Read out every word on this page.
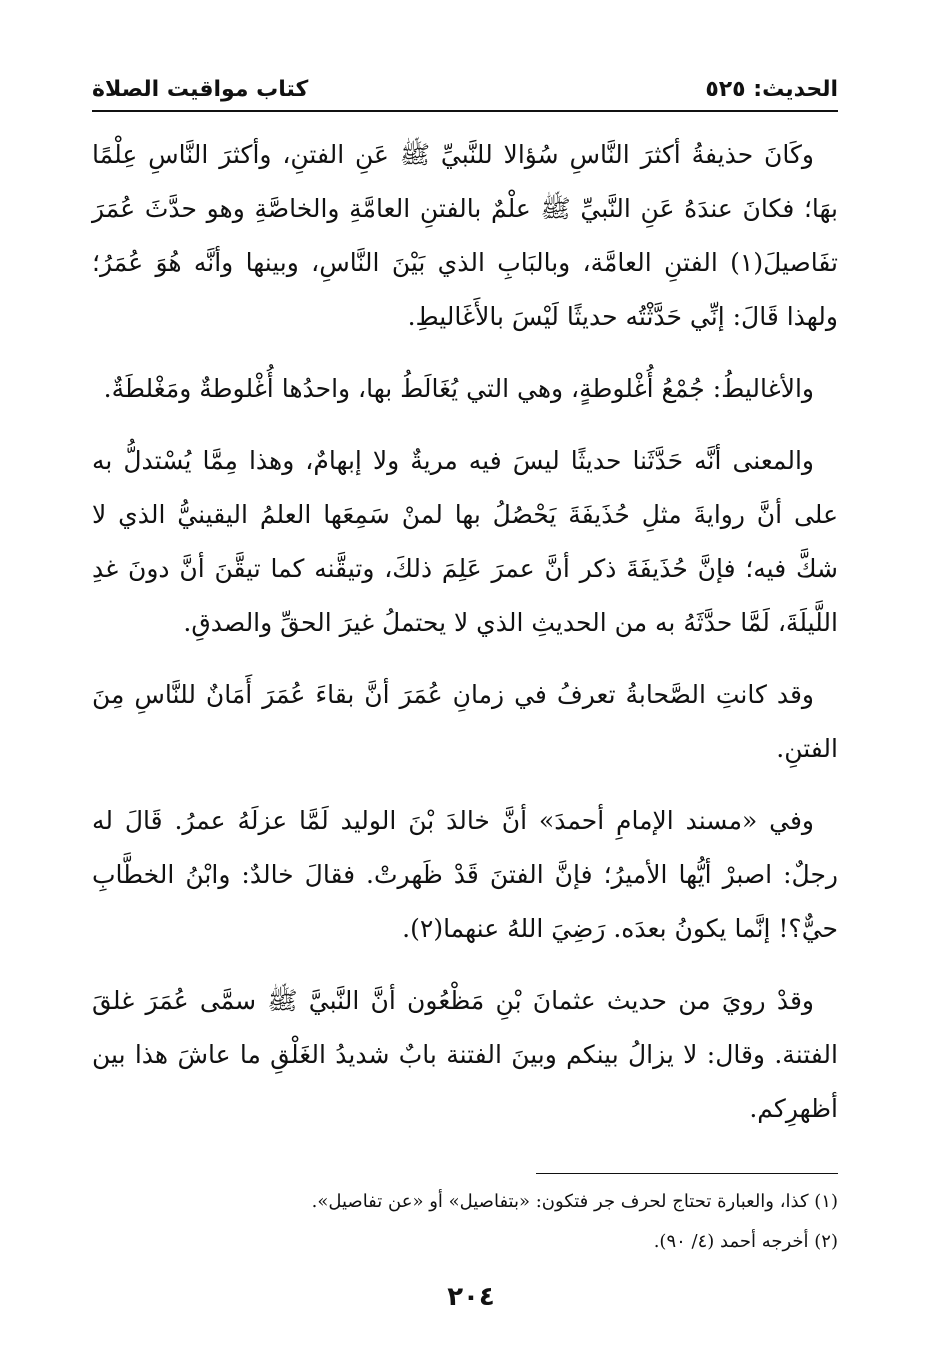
الحديث: ٥٢٥
كتاب مواقيت الصلاة

وكَانَ حذيفةُ أكثرَ النَّاسِ سُؤالا للنَّبيِّ ﷺ عَنِ الفتنِ، وأكثرَ النَّاسِ عِلْمًا بهَا؛ فكانَ عندَهُ عَنِ النَّبيِّ ﷺ علْمٌ بالفتنِ العامَّةِ والخاصَّةِ وهو حدَّثَ عُمَرَ تفَاصيلَ(١) الفتنِ العامَّة، وبالبَابِ الذي بَيْنَ النَّاسِ، وبينها وأنَّه هُوَ عُمَرُ؛ ولهذا قَالَ: إنِّي حَدَّثْتُه حديثًا لَيْسَ بالأَغَاليطِ.

والأغاليطُ: جُمْعُ أُغْلوطةٍ، وهي التي يُغَالَطُ بها، واحدُها أُغْلوطةٌ ومَغْلطَةٌ.

والمعنى أنَّه حَدَّثَنا حديثًا ليسَ فيه مريةٌ ولا إبهامٌ، وهذا مِمَّا يُسْتدلُّ به على أنَّ روايةَ مثلِ حُذَيفَةَ يَحْصُلُ بها لمنْ سَمِعَها العلمُ اليقينيُّ الذي لا شكَّ فيه؛ فإنَّ حُذَيفَةَ ذكر أنَّ عمرَ عَلِمَ ذلكَ، وتيقَّنه كما تيقَّنَ أنَّ دونَ غدِ اللَّيلَةَ، لَمَّا حدَّثَهُ به من الحديثِ الذي لا يحتملُ غيرَ الحقِّ والصدقِ.

وقد كانتِ الصَّحابةُ تعرفُ في زمانِ عُمَرَ أنَّ بقاءَ عُمَرَ أَمَانٌ للنَّاسِ مِنَ الفتنِ.

وفي «مسند الإمامِ أحمدَ» أنَّ خالدَ بْنَ الوليد لَمَّا عزلَهُ عمرُ. قَالَ له رجلٌ: اصبرْ أيُّها الأميرُ؛ فإنَّ الفتنَ قَدْ ظَهرتْ. فقالَ خالدٌ: وابْنُ الخطَّابِ حيٌّ؟! إنَّما يكونُ بعدَه. رَضِيَ اللهُ عنهما(٢).

وقدْ رويَ من حديث عثمانَ بْنِ مَظْعُون أنَّ النَّبيَّ ﷺ سمَّى عُمَرَ غلقَ الفتنة. وقال: لا يزالُ بينكم وبينَ الفتنة بابٌ شديدُ الغَلْقِ ما عاشَ هذا بين أظهرِكم.

(١) كذا، والعبارة تحتاج لحرف جر فتكون: «بتفاصيل» أو «عن تفاصيل».

(٢) أخرجه أحمد (٤/ ٩٠).

٢٠٤
